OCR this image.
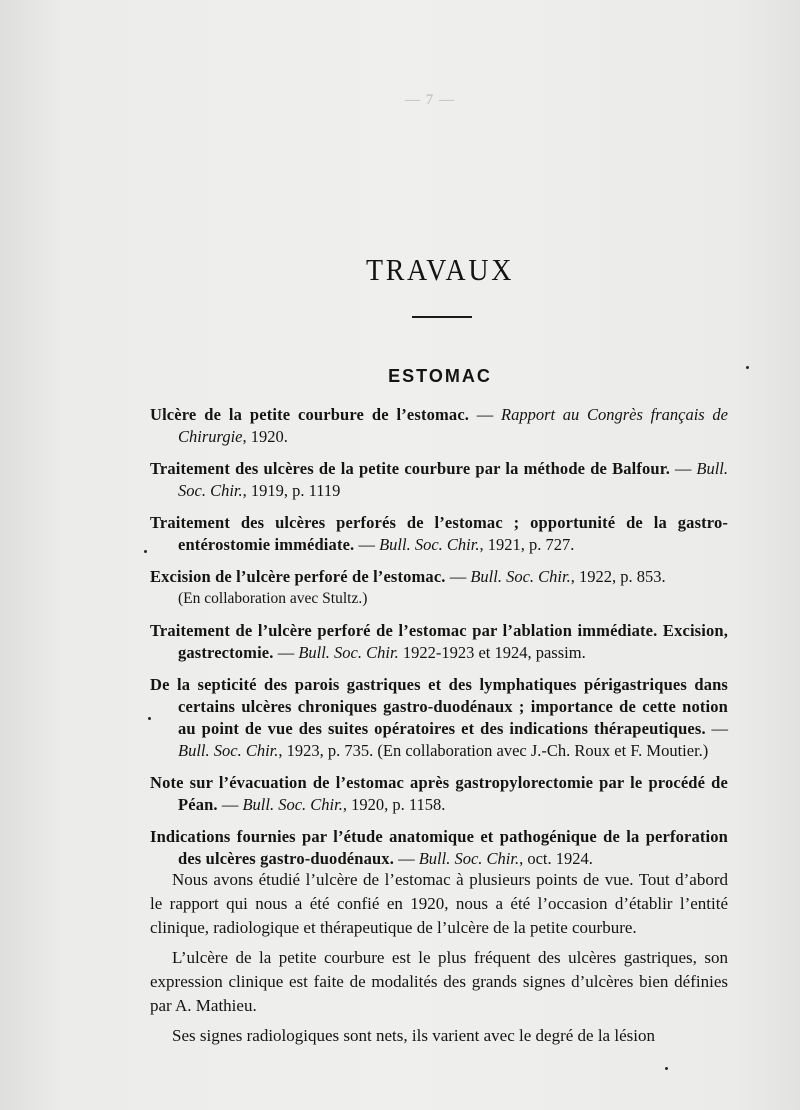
— 7 —
TRAVAUX
ESTOMAC

Ulcère de la petite courbure de l’estomac. — Rapport au Congrès français de Chirurgie, 1920.

Traitement des ulcères de la petite courbure par la méthode de Balfour. — Bull. Soc. Chir., 1919, p. 1119

Traitement des ulcères perforés de l’estomac ; opportunité de la gastro-entérostomie immédiate. — Bull. Soc. Chir., 1921, p. 727.

Excision de l’ulcère perforé de l’estomac. — Bull. Soc. Chir., 1922, p. 853.
(En collaboration avec Stultz.)

Traitement de l’ulcère perforé de l’estomac par l’ablation immédiate. Excision, gastrectomie. — Bull. Soc. Chir. 1922-1923 et 1924, passim.

De la septicité des parois gastriques et des lymphatiques périgastriques dans certains ulcères chroniques gastro-duodénaux ; importance de cette notion au point de vue des suites opératoires et des indications thérapeutiques. — Bull. Soc. Chir., 1923, p. 735. (En collaboration avec J.-Ch. Roux et F. Moutier.)

Note sur l’évacuation de l’estomac après gastropylorectomie par le procédé de Péan. — Bull. Soc. Chir., 1920, p. 1158.

Indications fournies par l’étude anatomique et pathogénique de la perforation des ulcères gastro-duodénaux. — Bull. Soc. Chir., oct. 1924.

Nous avons étudié l’ulcère de l’estomac à plusieurs points de vue. Tout d’abord le rapport qui nous a été confié en 1920, nous a été l’occasion d’établir l’entité clinique, radiologique et thérapeutique de l’ulcère de la petite courbure.

L’ulcère de la petite courbure est le plus fréquent des ulcères gastriques, son expression clinique est faite de modalités des grands signes d’ulcères bien définies par A. Mathieu.

Ses signes radiologiques sont nets, ils varient avec le degré de la lésion
